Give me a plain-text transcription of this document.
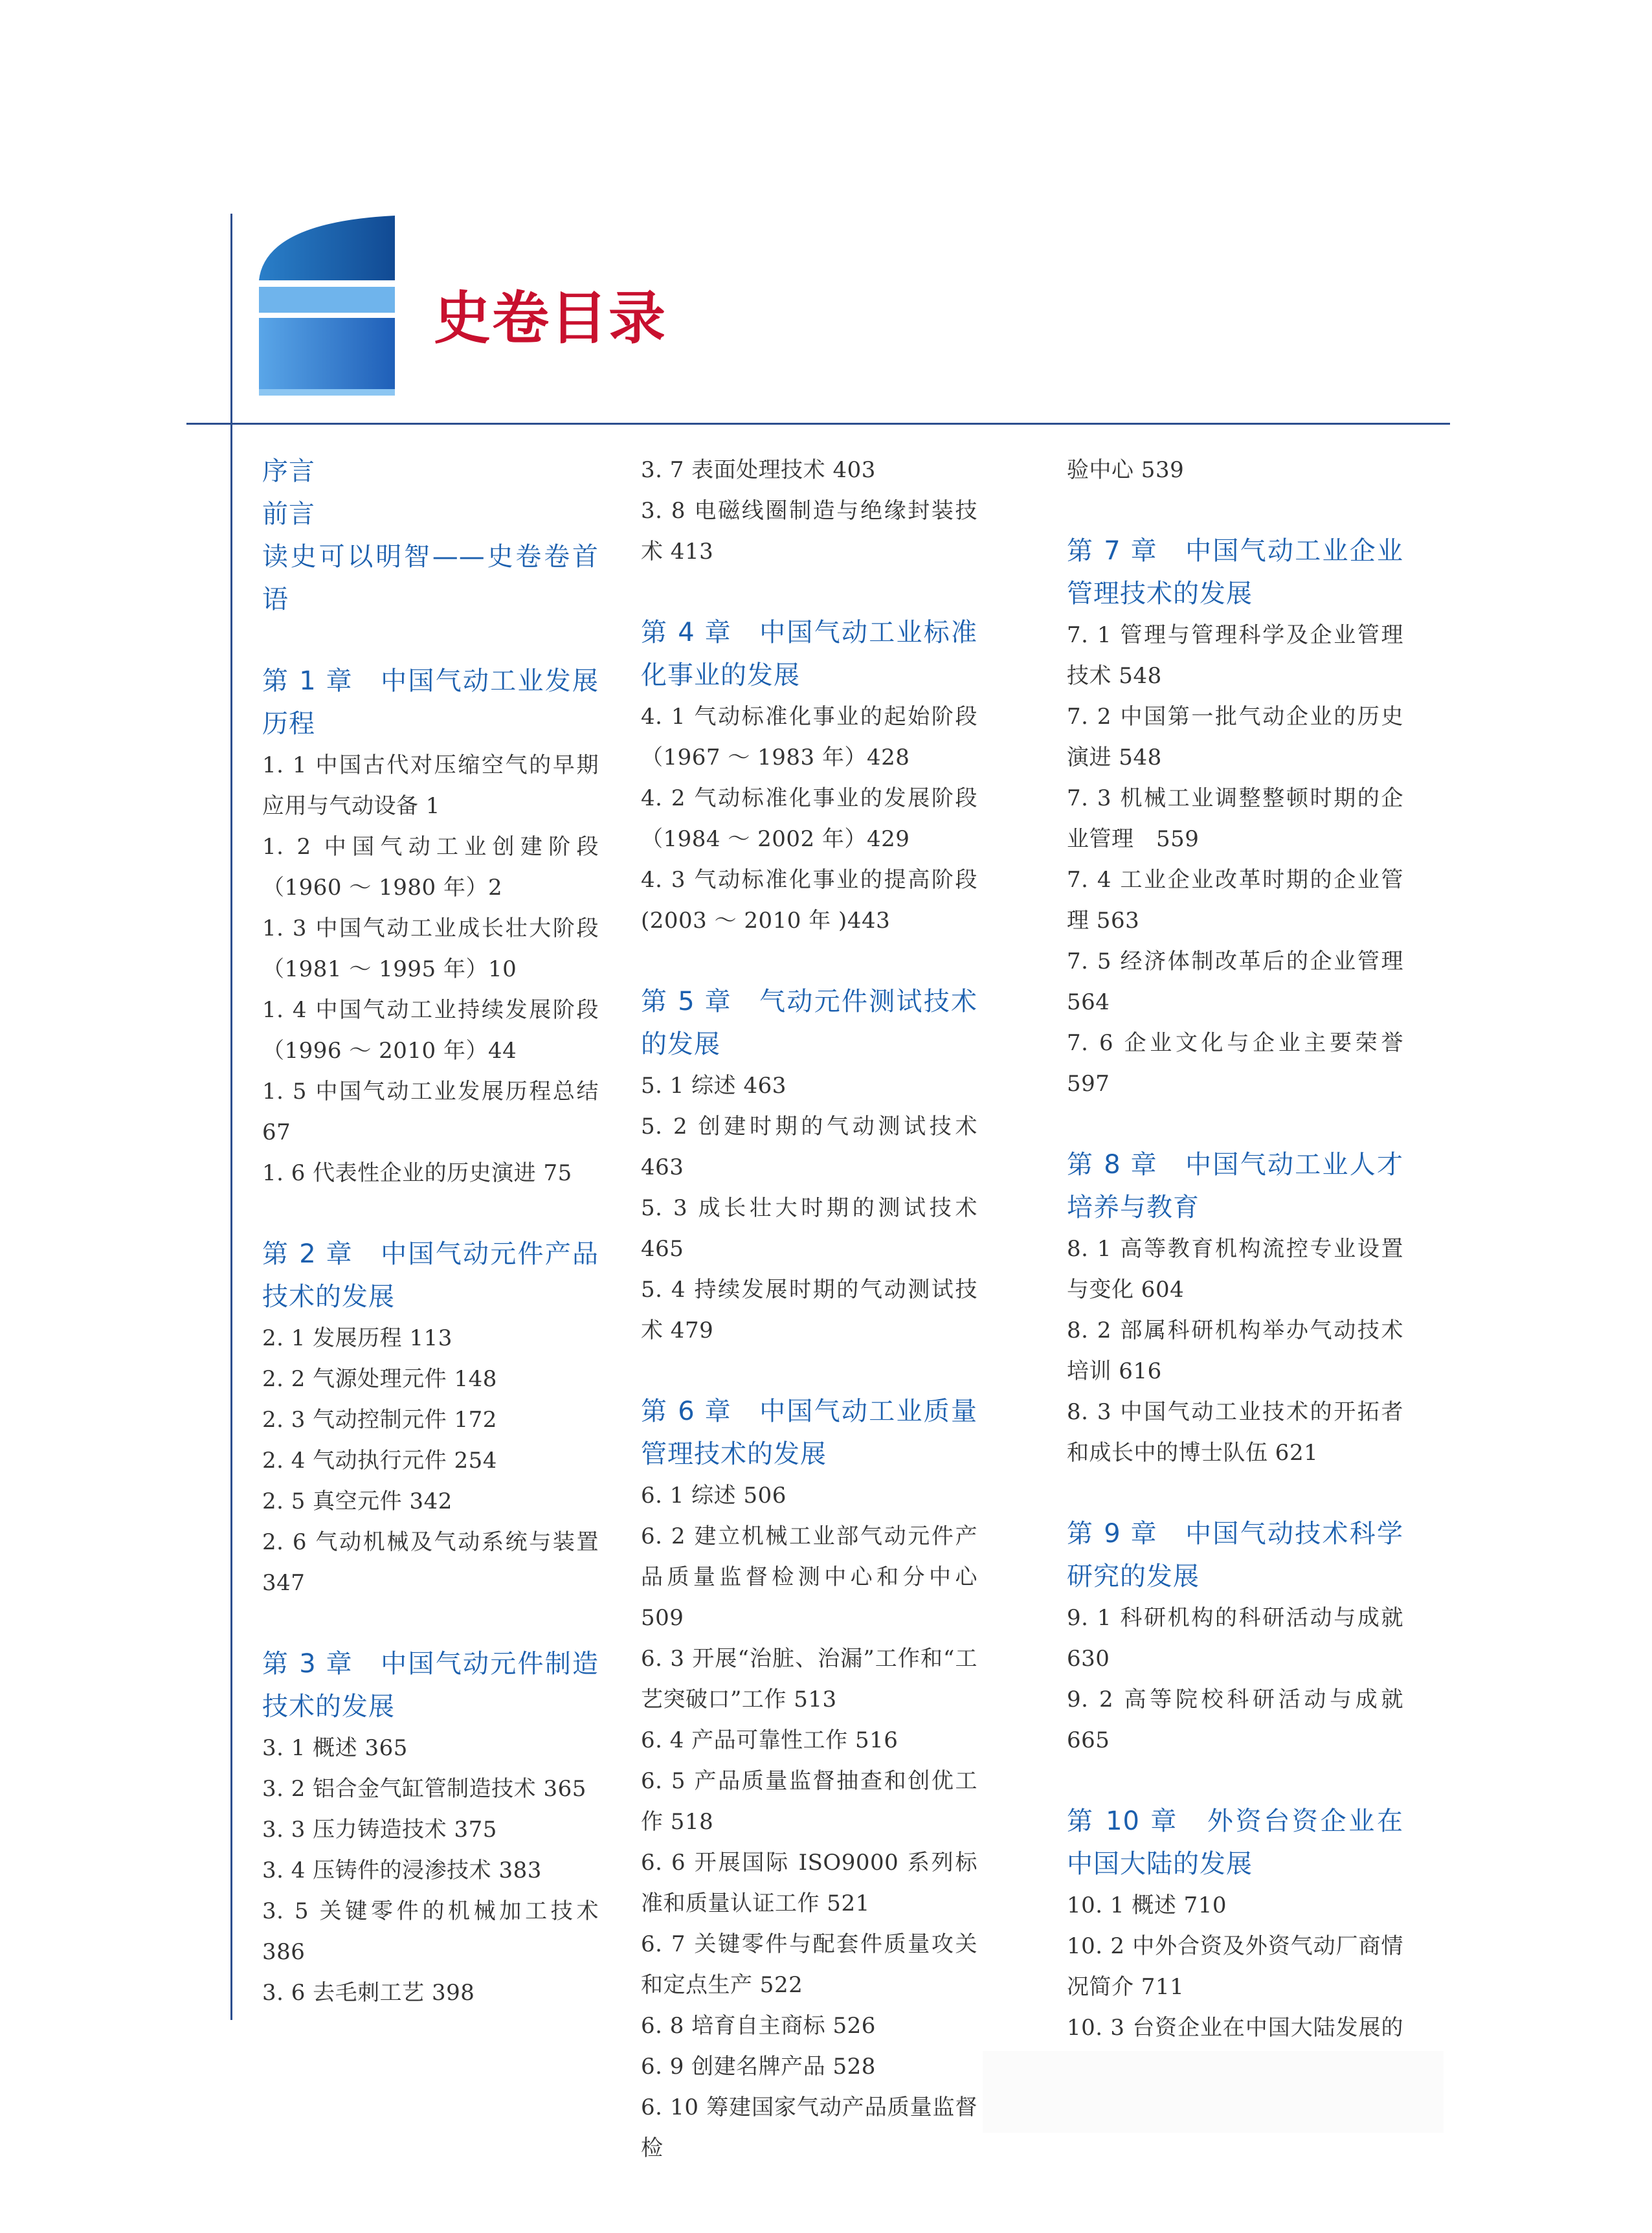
史卷目录
序言
前言
读史可以明智——史卷卷首语
第 1 章　中国气动工业发展历程
1. 1 中国古代对压缩空气的早期应用与气动设备 1
1. 2 中国气动工业创建阶段（1960 ～ 1980 年）2
1. 3 中国气动工业成长壮大阶段（1981 ～ 1995 年）10
1. 4 中国气动工业持续发展阶段（1996 ～ 2010 年）44
1. 5 中国气动工业发展历程总结 67
1. 6 代表性企业的历史演进 75
第 2 章　中国气动元件产品技术的发展
2. 1 发展历程 113
2. 2 气源处理元件 148
2. 3 气动控制元件 172
2. 4 气动执行元件 254
2. 5 真空元件 342
2. 6 气动机械及气动系统与装置 347
第 3 章　中国气动元件制造技术的发展
3. 1 概述 365
3. 2 铝合金气缸管制造技术 365
3. 3 压力铸造技术 375
3. 4 压铸件的浸渗技术 383
3. 5 关键零件的机械加工技术 386
3. 6 去毛刺工艺 398
3. 7 表面处理技术 403
3. 8 电磁线圈制造与绝缘封装技术 413
第 4 章　中国气动工业标准化事业的发展
4. 1 气动标准化事业的起始阶段（1967 ～ 1983 年）428
4. 2 气动标准化事业的发展阶段（1984 ～ 2002 年）429
4. 3 气动标准化事业的提高阶段(2003 ～ 2010 年 )443
第 5 章　气动元件测试技术的发展
5. 1 综述 463
5. 2 创建时期的气动测试技术 463
5. 3 成长壮大时期的测试技术 465
5. 4 持续发展时期的气动测试技术 479
第 6 章　中国气动工业质量管理技术的发展
6. 1 综述 506
6. 2 建立机械工业部气动元件产品质量监督检测中心和分中心 509
6. 3 开展“治脏、治漏”工作和“工艺突破口”工作 513
6. 4 产品可靠性工作 516
6. 5 产品质量监督抽查和创优工作 518
6. 6 开展国际 ISO9000 系列标准和质量认证工作 521
6. 7 关键零件与配套件质量攻关和定点生产 522
6. 8 培育自主商标 526
6. 9 创建名牌产品 528
6. 10 筹建国家气动产品质量监督检
验中心 539
第 7 章　中国气动工业企业管理技术的发展
7. 1 管理与管理科学及企业管理技术 548
7. 2 中国第一批气动企业的历史演进 548
7. 3 机械工业调整整顿时期的企业管理　559
7. 4 工业企业改革时期的企业管理 563
7. 5 经济体制改革后的企业管理 564
7. 6 企业文化与企业主要荣誉 597
第 8 章　中国气动工业人才培养与教育
8. 1 高等教育机构流控专业设置与变化 604
8. 2 部属科研机构举办气动技术培训 616
8. 3 中国气动工业技术的开拓者和成长中的博士队伍 621
第 9 章　中国气动技术科学研究的发展
9. 1 科研机构的科研活动与成就 630
9. 2 高等院校科研活动与成就 665
第 10 章　外资台资企业在中国大陆的发展
10. 1 概述 710
10. 2 中外合资及外资气动厂商情况简介 711
10. 3 台资企业在中国大陆发展的
